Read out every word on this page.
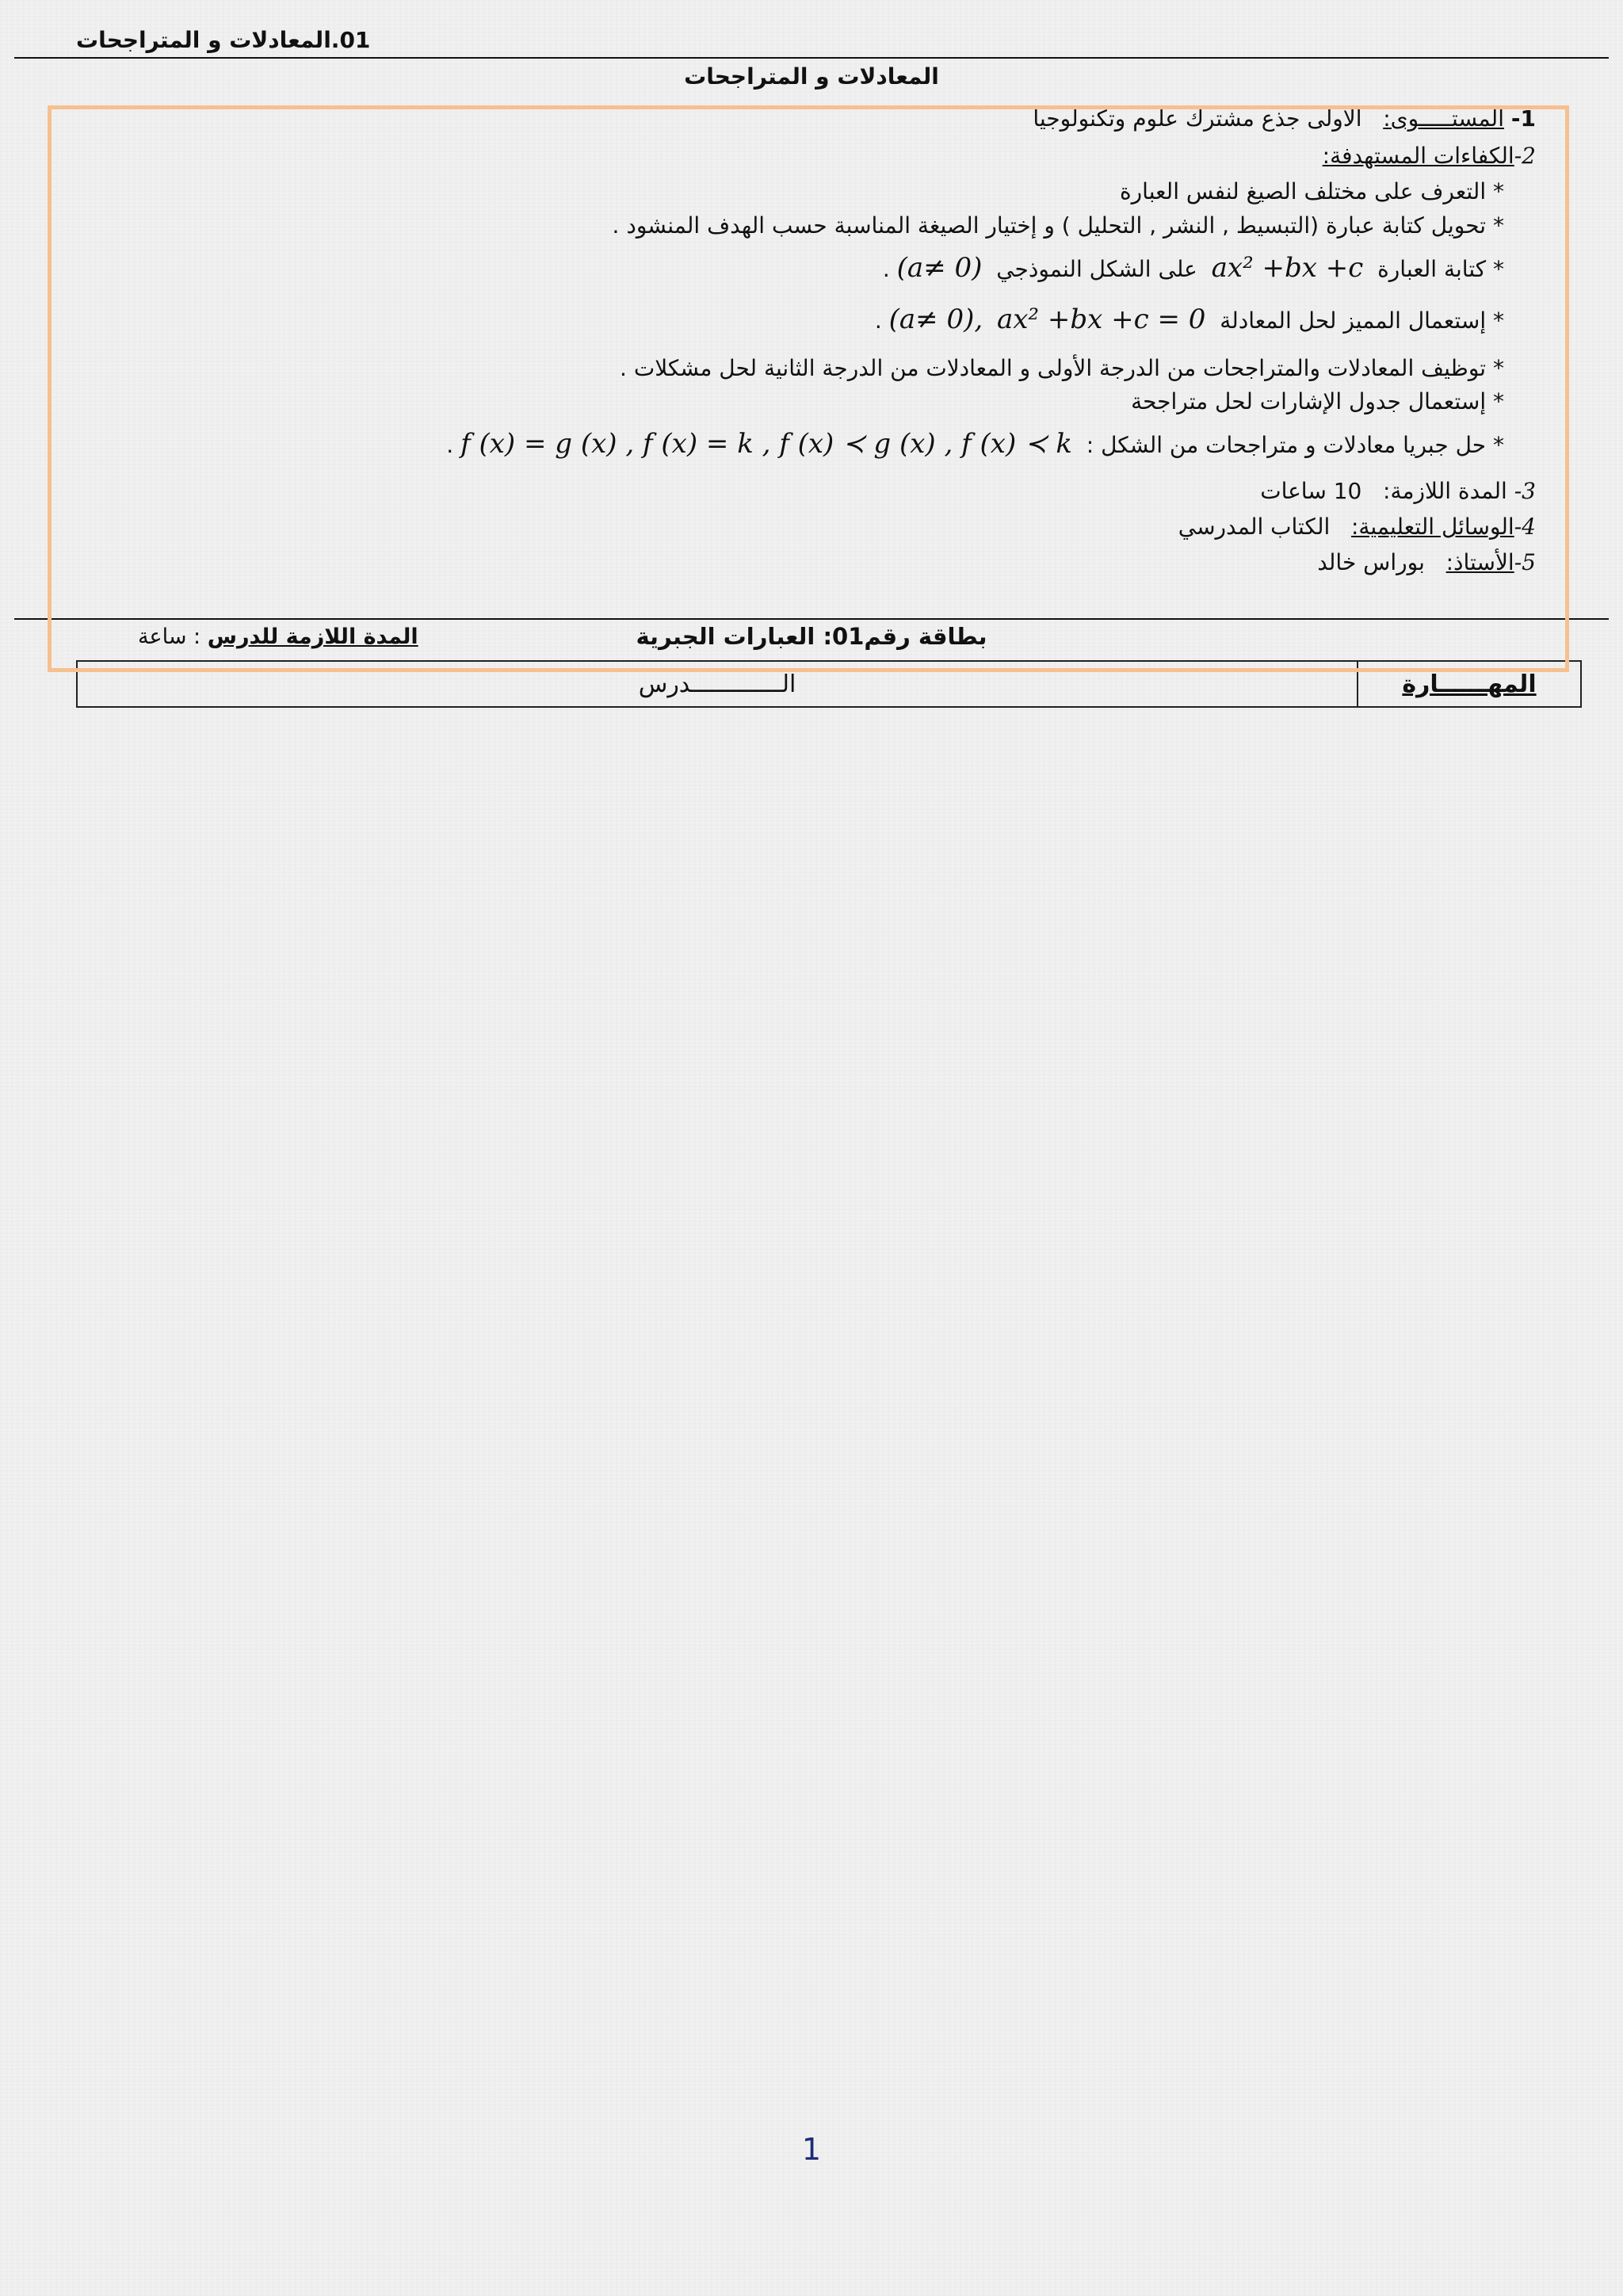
01.المعادلات و المتراجحات
المعادلات و المتراجحات
1- المستـــــوى:   الاولى جذع مشترك علوم وتكنولوجيا
2-الكفاءات المستهدفة:
* التعرف على مختلف الصيغ لنفس العبارة
* تحويل كتابة عبارة (التبسيط , النشر , التحليل ) و إختيار الصيغة المناسبة حسب الهدف المنشود .
* كتابة العبارة  ax² +bx +c  على الشكل النموذجي  (a≠ 0) .
* إستعمال المميز لحل المعادلة  ax² +bx +c = 0  (a≠ 0), .
* توظيف المعادلات والمتراجحات من الدرجة الأولى و المعادلات من الدرجة الثانية لحل مشكلات .
* إستعمال جدول الإشارات لحل متراجحة
* حل جبريا معادلات و متراجحات من الشكل :  f (x) = g (x) , f (x) = k , f (x) ≺ g (x) , f (x) ≺ k .
3- المدة اللازمة:   10 ساعات
4-الوسائل التعليمية:   الكتاب المدرسي
5-الأستاذ:   بوراس خالد
بطاقة رقم01: العبارات الجبرية
المدة اللازمة للدرس : ساعة
المهــــــارة	الـــــــــــــدرس
1
